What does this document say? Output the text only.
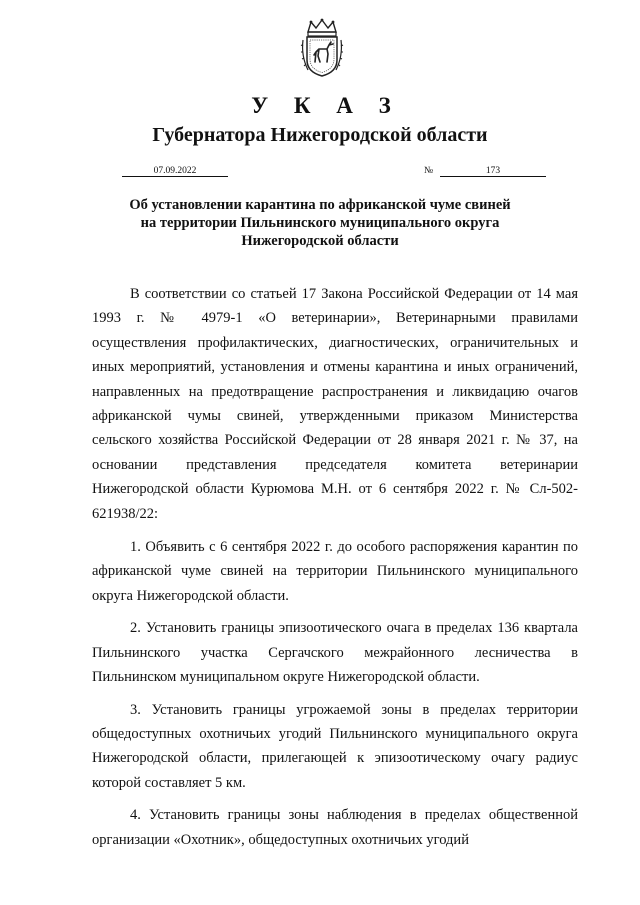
У К А З
Губернатора Нижегородской области
07.09.2022	№	173
Об установлении карантина по африканской чуме свиней
на территории Пильнинского муниципального округа
Нижегородской области

В соответствии со статьей 17 Закона Российской Федерации от 14 мая 1993 г. № 4979-1 «О ветеринарии», Ветеринарными правилами осуществления профилактических, диагностических, ограничительных и иных мероприятий, установления и отмены карантина и иных ограничений, направленных на предотвращение распространения и ликвидацию очагов африканской чумы свиней, утвержденными приказом Министерства сельского хозяйства Российской Федерации от 28 января 2021 г. № 37, на основании представления председателя комитета ветеринарии Нижегородской области Курюмова М.Н. от 6 сентября 2022 г. № Сл-502-621938/22:

1. Объявить с 6 сентября 2022 г. до особого распоряжения карантин по африканской чуме свиней на территории Пильнинского муниципального округа Нижегородской области.

2. Установить границы эпизоотического очага в пределах 136 квартала Пильнинского участка Сергачского межрайонного лесничества в Пильнинском муниципальном округе Нижегородской области.

3. Установить границы угрожаемой зоны в пределах территории общедоступных охотничьих угодий Пильнинского муниципального округа Нижегородской области, прилегающей к эпизоотическому очагу радиус которой составляет 5 км.

4. Установить границы зоны наблюдения в пределах общественной организации «Охотник», общедоступных охотничьих угодий
